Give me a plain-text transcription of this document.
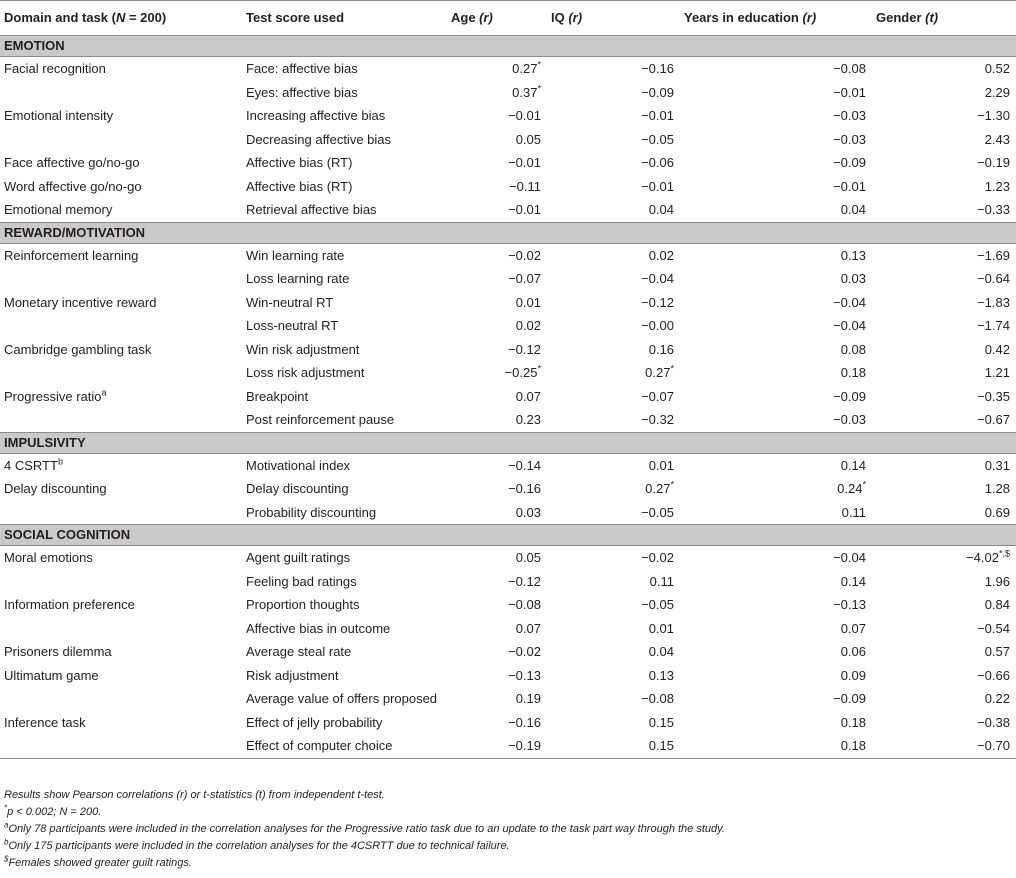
Domain and task (N = 200)	Test score used	Age (r)	IQ (r)	Years in education (r)	Gender (t)
EMOTION					
Facial recognition	Face: affective bias	0.27*	−0.16	−0.08	0.52
	Eyes: affective bias	0.37*	−0.09	−0.01	2.29
Emotional intensity	Increasing affective bias	−0.01	−0.01	−0.03	−1.30
	Decreasing affective bias	0.05	−0.05	−0.03	2.43
Face affective go/no-go	Affective bias (RT)	−0.01	−0.06	−0.09	−0.19
Word affective go/no-go	Affective bias (RT)	−0.11	−0.01	−0.01	1.23
Emotional memory	Retrieval affective bias	−0.01	0.04	0.04	−0.33
REWARD/MOTIVATION					
Reinforcement learning	Win learning rate	−0.02	0.02	0.13	−1.69
	Loss learning rate	−0.07	−0.04	0.03	−0.64
Monetary incentive reward	Win-neutral RT	0.01	−0.12	−0.04	−1.83
	Loss-neutral RT	0.02	−0.00	−0.04	−1.74
Cambridge gambling task	Win risk adjustment	−0.12	0.16	0.08	0.42
	Loss risk adjustment	−0.25*	0.27*	0.18	1.21
Progressive ratio$^a$	Breakpoint	0.07	−0.07	−0.09	−0.35
	Post reinforcement pause	0.23	−0.32	−0.03	−0.67
IMPULSIVITY					
4 CSRTT$^b$	Motivational index	−0.14	0.01	0.14	0.31
Delay discounting	Delay discounting	−0.16	0.27*	0.24*	1.28
	Probability discounting	0.03	−0.05	0.11	0.69
SOCIAL COGNITION					
Moral emotions	Agent guilt ratings	0.05	−0.02	−0.04	−4.02*,$
	Feeling bad ratings	−0.12	0.11	0.14	1.96
Information preference	Proportion thoughts	−0.08	−0.05	−0.13	0.84
	Affective bias in outcome	0.07	0.01	0.07	−0.54
Prisoners dilemma	Average steal rate	−0.02	0.04	0.06	0.57
Ultimatum game	Risk adjustment	−0.13	0.13	0.09	−0.66
	Average value of offers proposed	0.19	−0.08	−0.09	0.22
Inference task	Effect of jelly probability	−0.16	0.15	0.18	−0.38
	Effect of computer choice	−0.19	0.15	0.18	−0.70
Results show Pearson correlations (r) or t-statistics (t) from independent t-test.
*p < 0.002; N = 200.
$^a$Only 78 participants were included in the correlation analyses for the Progressive ratio task due to an update to the task part way through the study.
$^b$Only 175 participants were included in the correlation analyses for the 4CSRTT due to technical failure.
$Females showed greater guilt ratings.
